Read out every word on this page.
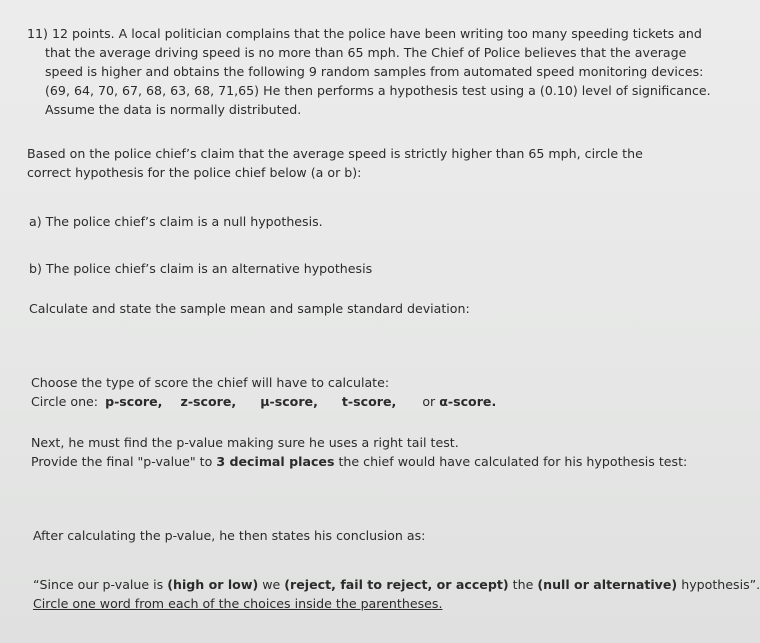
11) 12 points. A local politician complains that the police have been writing too many speeding tickets and
that the average driving speed is no more than 65 mph. The Chief of Police believes that the average
speed is higher and obtains the following 9 random samples from automated speed monitoring devices:
(69, 64, 70, 67, 68, 63, 68, 71,65) He then performs a hypothesis test using a (0.10) level of significance.
Assume the data is normally distributed.
Based on the police chief’s claim that the average speed is strictly higher than 65 mph, circle the
correct hypothesis for the police chief below (a or b):
a) The police chief’s claim is a null hypothesis.
b) The police chief’s claim is an alternative hypothesis
Calculate and state the sample mean and sample standard deviation:
Choose the type of score the chief will have to calculate:
Circle one: p-score, z-score, μ-score, t-score, or α-score.
Next, he must find the p-value making sure he uses a right tail test.
Provide the final "p-value" to 3 decimal places the chief would have calculated for his hypothesis test:
After calculating the p-value, he then states his conclusion as:
“Since our p-value is (high or low) we (reject, fail to reject, or accept) the (null or alternative) hypothesis”.
Circle one word from each of the choices inside the parentheses.
